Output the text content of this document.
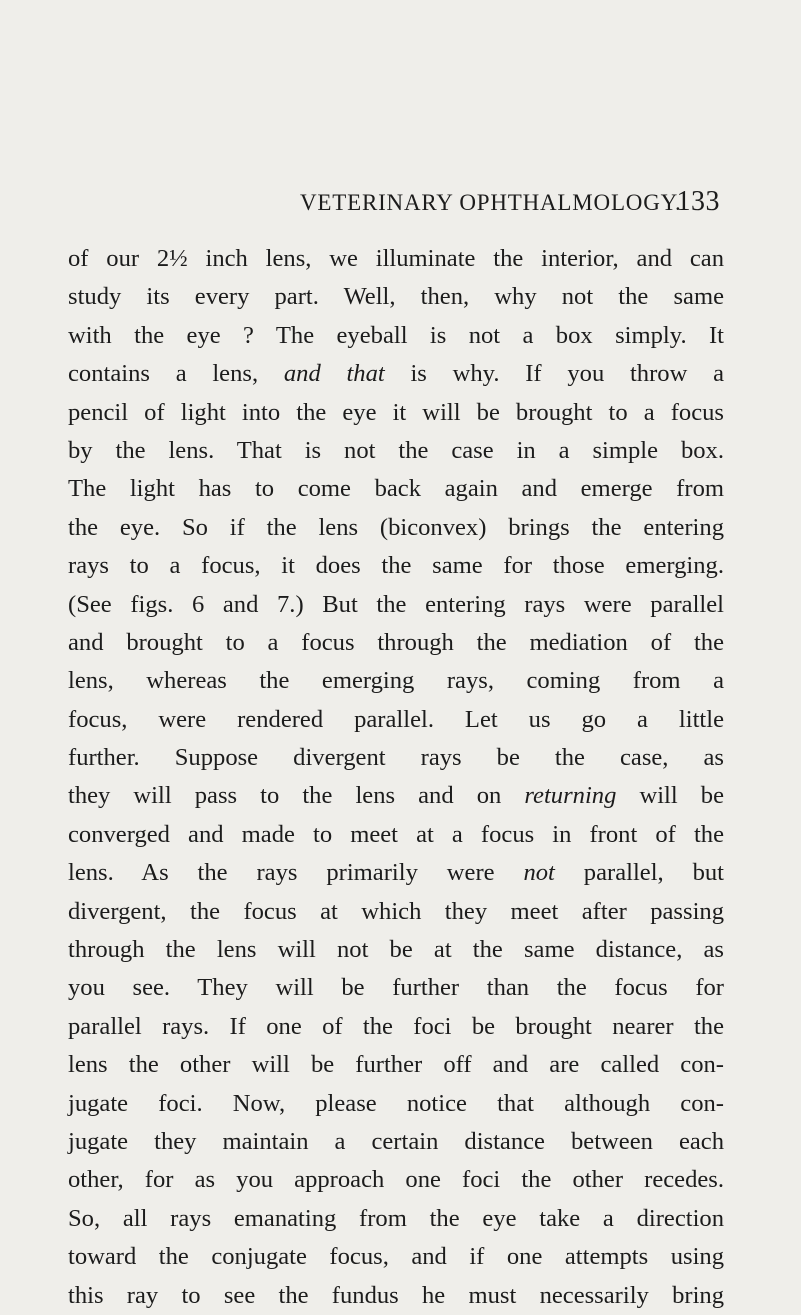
VETERINARY OPHTHALMOLOGY.
133
of our 2½ inch lens, we illuminate the interior, and can
study its every part. Well, then, why not the same
with the eye ? The eyeball is not a box simply. It
contains a lens, and that is why. If you throw a
pencil of light into the eye it will be brought to a focus
by the lens. That is not the case in a simple box.
The light has to come back again and emerge from
the eye. So if the lens (biconvex) brings the entering
rays to a focus, it does the same for those emerging.
(See figs. 6 and 7.) But the entering rays were parallel
and brought to a focus through the mediation of the
lens, whereas the emerging rays, coming from a
focus, were rendered parallel. Let us go a little
further. Suppose divergent rays be the case, as
they will pass to the lens and on returning will be
converged and made to meet at a focus in front of the
lens. As the rays primarily were not parallel, but
divergent, the focus at which they meet after passing
through the lens will not be at the same distance, as
you see. They will be further than the focus for
parallel rays. If one of the foci be brought nearer the
lens the other will be further off and are called con-
jugate foci. Now, please notice that although con-
jugate they maintain a certain distance between each
other, for as you approach one foci the other recedes.
So, all rays emanating from the eye take a direction
toward the conjugate focus, and if one attempts using
this ray to see the fundus he must necessarily bring
